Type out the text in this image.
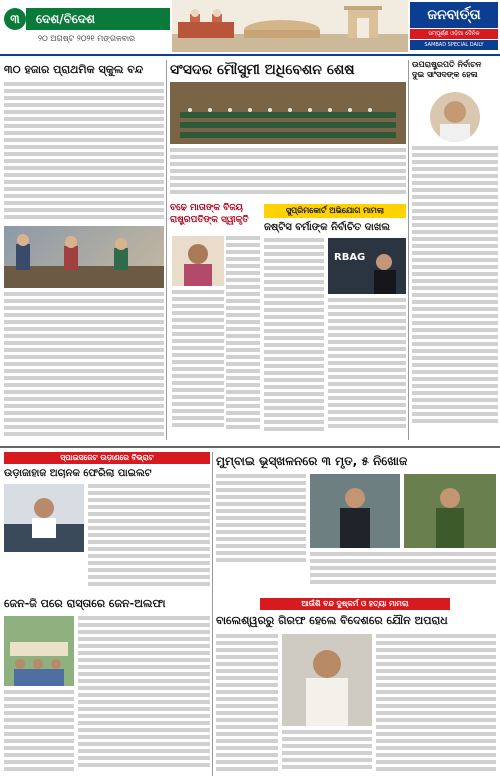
୩	ଦେଶ/ବିଦେଶ
୨୦ ଅଗଷ୍ଟ ୨୦୨୧ ମଙ୍ଗଳବାର
ଜନବାର୍ତ୍ତା
ସମ୍ପୂର୍ଣ୍ଣ ଓଡ଼ିଆ ଦୈନିକ
SAMBAD SPECIAL DAILY
୩୦ ହଜାର ପ୍ରାଥମିକ ସ୍କୁଲ ବନ୍ଦ	ସଂସଦର ମୌସୁମୀ ଅଧିବେଶନ ଶେଷ	ଉପରାଷ୍ଟ୍ରପତି ନିର୍ବାଚନ ଦୁଇ ସାଂସଦଙ୍କ ହେଳା
ବଢେ ମାତାଙ୍କ ବିଜୟ ରାଷ୍ଟ୍ରପତିଙ୍କ ସ୍ୱୀକୃତି
ସୁପ୍ରିମକୋର୍ଟ ଅଭିଯୋଗ ମାମଲା
ଜଷ୍ଟିସ ବର୍ମାଙ୍କ ନିର୍ବାଚିତ ଦାଖଲ
RBAG
ସ୍ପାଇସଜେଟ ଉଡ଼ାଣରେ ବିଭ୍ରାଟ
ଉଡ଼ାଜାହାଜ ଅଚାନକ ଫେରିଲା ପାଇଲଟ
ଜେନ-ଜି ପରେ ରାସ୍ତାରେ ଜେନ-ଅଲଫା
ମୁମ୍ବାଇ ଭୂସ୍ଖଳନରେ ୩ ମୃତ, ୫ ନିଖୋଜ
ଆଉଁଶି ବନ୍ଦ ଦୁଷ୍କର୍ମ ଓ ହତ୍ୟା ମାମଲା
ବାଲେଶ୍ୱରରୁ ଗିରଫ ହେଲେ ବିଦେଶରେ ଯୌନ ଅପରାଧ
